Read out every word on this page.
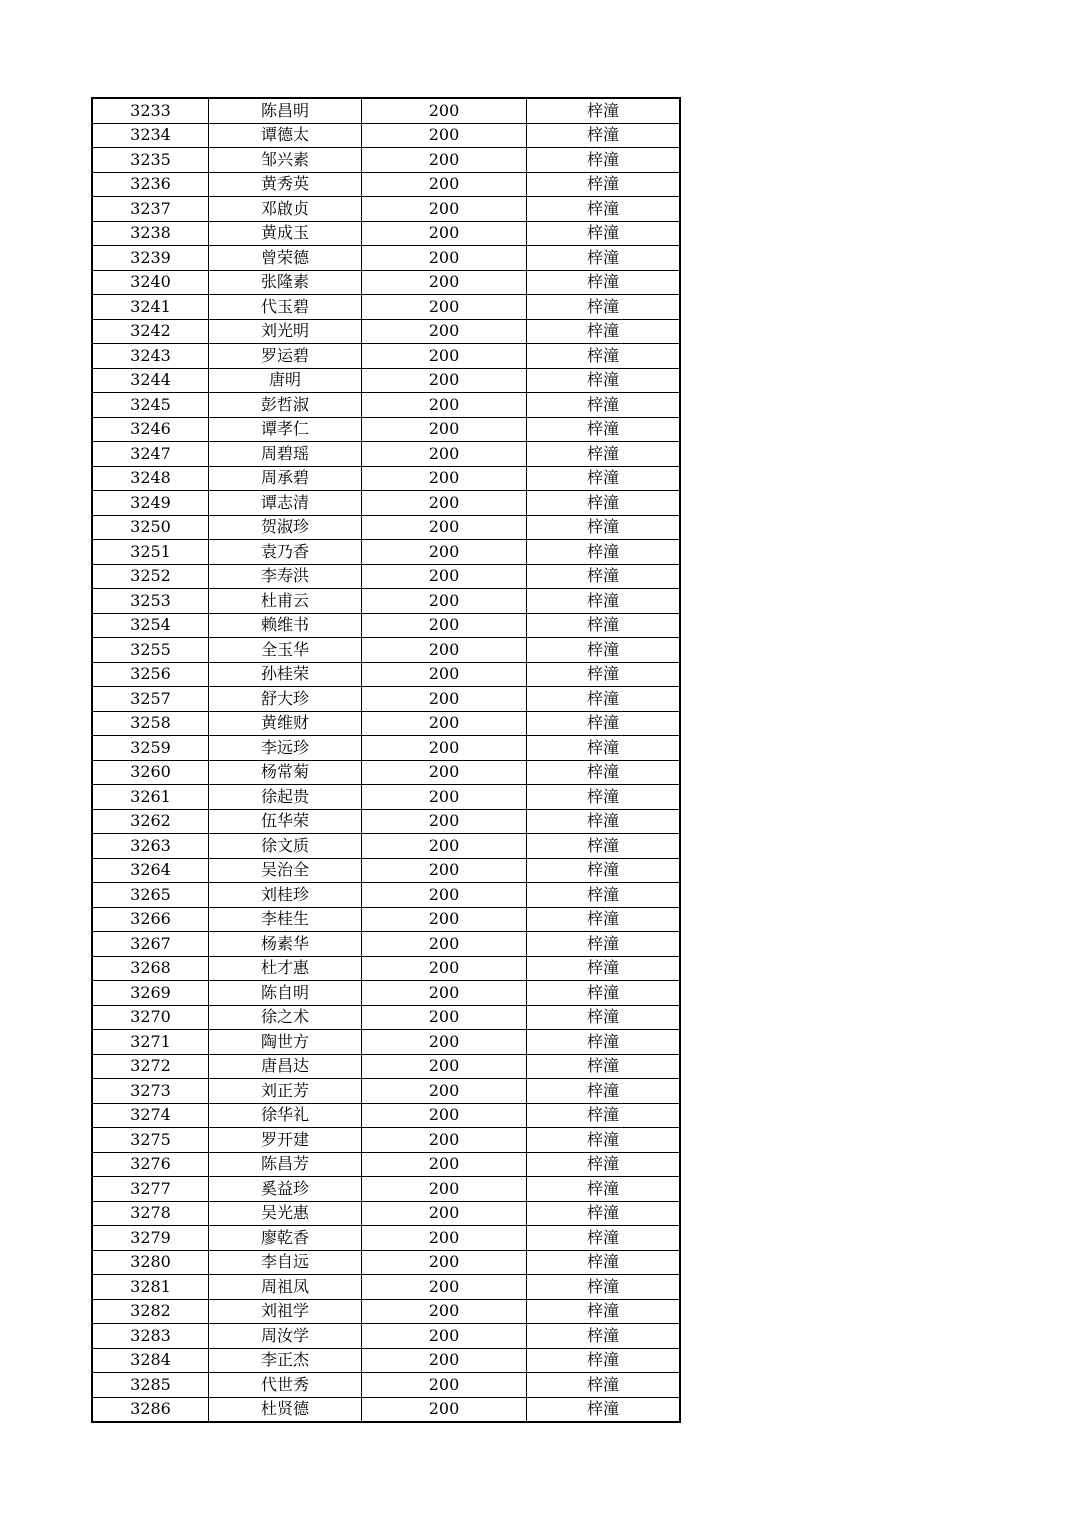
3233	陈昌明	200	梓潼
3234	谭德太	200	梓潼
3235	邹兴素	200	梓潼
3236	黄秀英	200	梓潼
3237	邓啟贞	200	梓潼
3238	黄成玉	200	梓潼
3239	曾荣德	200	梓潼
3240	张隆素	200	梓潼
3241	代玉碧	200	梓潼
3242	刘光明	200	梓潼
3243	罗运碧	200	梓潼
3244	唐明	200	梓潼
3245	彭哲淑	200	梓潼
3246	谭孝仁	200	梓潼
3247	周碧瑶	200	梓潼
3248	周承碧	200	梓潼
3249	谭志清	200	梓潼
3250	贺淑珍	200	梓潼
3251	袁乃香	200	梓潼
3252	李寿洪	200	梓潼
3253	杜甫云	200	梓潼
3254	赖维书	200	梓潼
3255	全玉华	200	梓潼
3256	孙桂荣	200	梓潼
3257	舒大珍	200	梓潼
3258	黄维财	200	梓潼
3259	李远珍	200	梓潼
3260	杨常菊	200	梓潼
3261	徐起贵	200	梓潼
3262	伍华荣	200	梓潼
3263	徐文质	200	梓潼
3264	吴治全	200	梓潼
3265	刘桂珍	200	梓潼
3266	李桂生	200	梓潼
3267	杨素华	200	梓潼
3268	杜才惠	200	梓潼
3269	陈自明	200	梓潼
3270	徐之术	200	梓潼
3271	陶世方	200	梓潼
3272	唐昌达	200	梓潼
3273	刘正芳	200	梓潼
3274	徐华礼	200	梓潼
3275	罗开建	200	梓潼
3276	陈昌芳	200	梓潼
3277	奚益珍	200	梓潼
3278	吴光惠	200	梓潼
3279	廖乾香	200	梓潼
3280	李自远	200	梓潼
3281	周祖凤	200	梓潼
3282	刘祖学	200	梓潼
3283	周汝学	200	梓潼
3284	李正杰	200	梓潼
3285	代世秀	200	梓潼
3286	杜贤德	200	梓潼
